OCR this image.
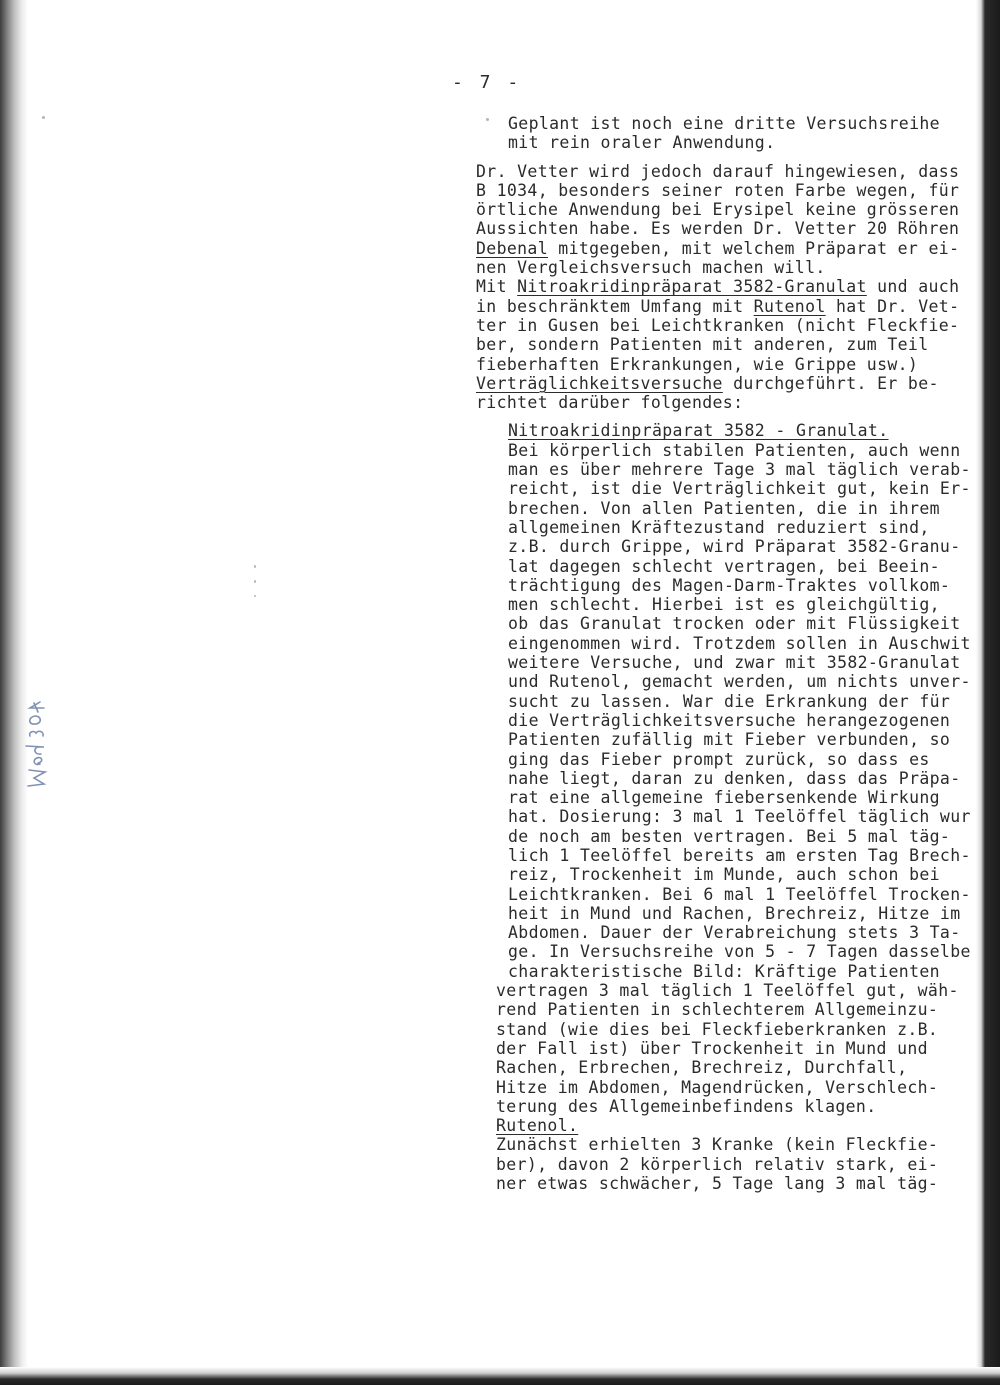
- 7 -
Geplant ist noch eine dritte Versuchsreihe
mit rein oraler Anwendung.
Dr. Vetter wird jedoch darauf hingewiesen, dass
B 1034, besonders seiner roten Farbe wegen, für
örtliche Anwendung bei Erysipel keine grösseren
Aussichten habe. Es werden Dr. Vetter 20 Röhren
Debenal mitgegeben, mit welchem Präparat er ei-
nen Vergleichsversuch machen will.
Mit Nitroakridinpräparat 3582-Granulat und auch
in beschränktem Umfang mit Rutenol hat Dr. Vet-
ter in Gusen bei Leichtkranken (nicht Fleckfie-
ber, sondern Patienten mit anderen, zum Teil
fieberhaften Erkrankungen, wie Grippe usw.)
Verträglichkeitsversuche durchgeführt. Er be-
richtet darüber folgendes:
Nitroakridinpräparat 3582 - Granulat.
Bei körperlich stabilen Patienten, auch wenn
man es über mehrere Tage 3 mal täglich verab-
reicht, ist die Verträglichkeit gut, kein Er-
brechen. Von allen Patienten, die in ihrem
allgemeinen Kräftezustand reduziert sind,
z.B. durch Grippe, wird Präparat 3582-Granu-
lat dagegen schlecht vertragen, bei Beein-
trächtigung des Magen-Darm-Traktes vollkom-
men schlecht. Hierbei ist es gleichgültig,
ob das Granulat trocken oder mit Flüssigkeit
eingenommen wird. Trotzdem sollen in Auschwit
weitere Versuche, und zwar mit 3582-Granulat
und Rutenol, gemacht werden, um nichts unver-
sucht zu lassen. War die Erkrankung der für
die Verträglichkeitsversuche herangezogenen
Patienten zufällig mit Fieber verbunden, so
ging das Fieber prompt zurück, so dass es
nahe liegt, daran zu denken, dass das Präpa-
rat eine allgemeine fiebersenkende Wirkung
hat. Dosierung: 3 mal 1 Teelöffel täglich wur
de noch am besten vertragen. Bei 5 mal täg-
lich 1 Teelöffel bereits am ersten Tag Brech-
reiz, Trockenheit im Munde, auch schon bei
Leichtkranken. Bei 6 mal 1 Teelöffel Trocken-
heit in Mund und Rachen, Brechreiz, Hitze im
Abdomen. Dauer der Verabreichung stets 3 Ta-
ge. In Versuchsreihe von 5 - 7 Tagen dasselbe
charakteristische Bild: Kräftige Patienten
vertragen 3 mal täglich 1 Teelöffel gut, wäh-
rend Patienten in schlechterem Allgemeinzu-
stand (wie dies bei Fleckfieberkranken z.B.
der Fall ist) über Trockenheit in Mund und
Rachen, Erbrechen, Brechreiz, Durchfall,
Hitze im Abdomen, Magendrücken, Verschlech-
terung des Allgemeinbefindens klagen.
Rutenol.
Zunächst erhielten 3 Kranke (kein Fleckfie-
ber), davon 2 körperlich relativ stark, ei-
ner etwas schwächer, 5 Tage lang 3 mal täg-
